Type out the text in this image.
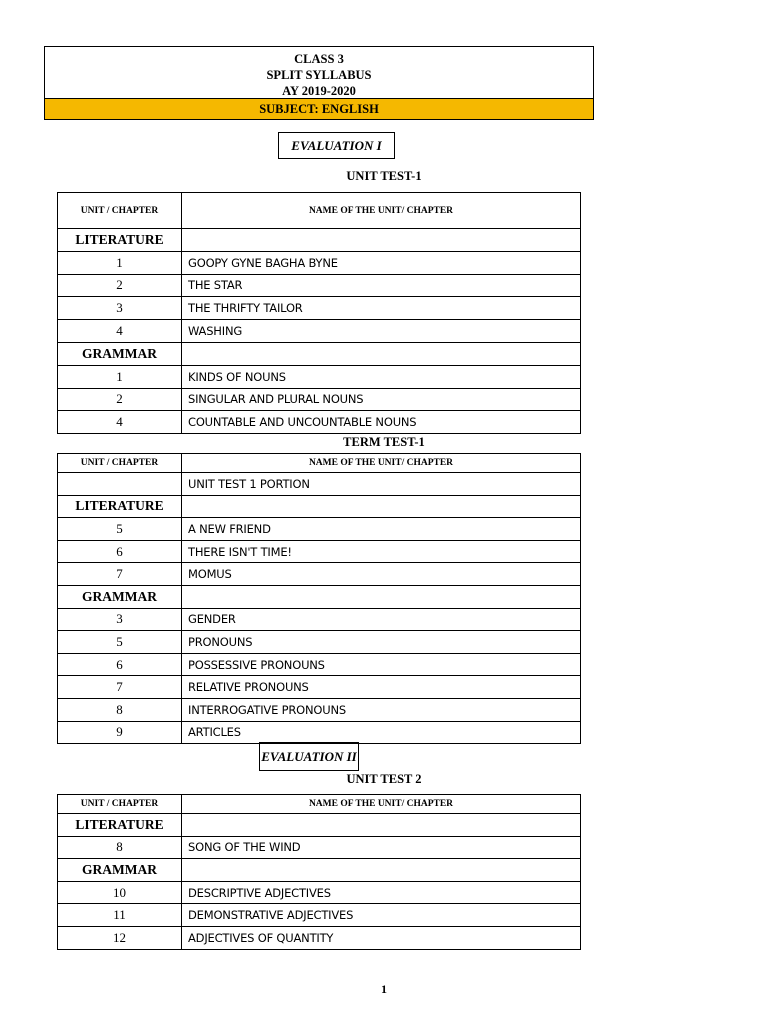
CLASS 3
SPLIT SYLLABUS
AY 2019-2020
SUBJECT: ENGLISH
EVALUATION I
UNIT TEST-1
UNIT / CHAPTER	NAME OF THE UNIT/ CHAPTER
LITERATURE	
1	GOOPY GYNE BAGHA BYNE
2	THE STAR
3	THE THRIFTY TAILOR
4	WASHING
GRAMMAR	
1	KINDS OF NOUNS
2	SINGULAR AND PLURAL NOUNS
4	COUNTABLE AND UNCOUNTABLE NOUNS
TERM TEST-1
UNIT / CHAPTER	NAME OF THE UNIT/ CHAPTER
	UNIT TEST 1 PORTION
LITERATURE	
5	A NEW FRIEND
6	THERE ISN'T TIME!
7	MOMUS
GRAMMAR	
3	GENDER
5	PRONOUNS
6	POSSESSIVE PRONOUNS
7	RELATIVE PRONOUNS
8	INTERROGATIVE PRONOUNS
9	ARTICLES
EVALUATION II
UNIT TEST 2
UNIT / CHAPTER	NAME OF THE UNIT/ CHAPTER
LITERATURE	
8	SONG OF THE WIND
GRAMMAR	
10	DESCRIPTIVE ADJECTIVES
11	DEMONSTRATIVE ADJECTIVES
12	ADJECTIVES OF QUANTITY
1
